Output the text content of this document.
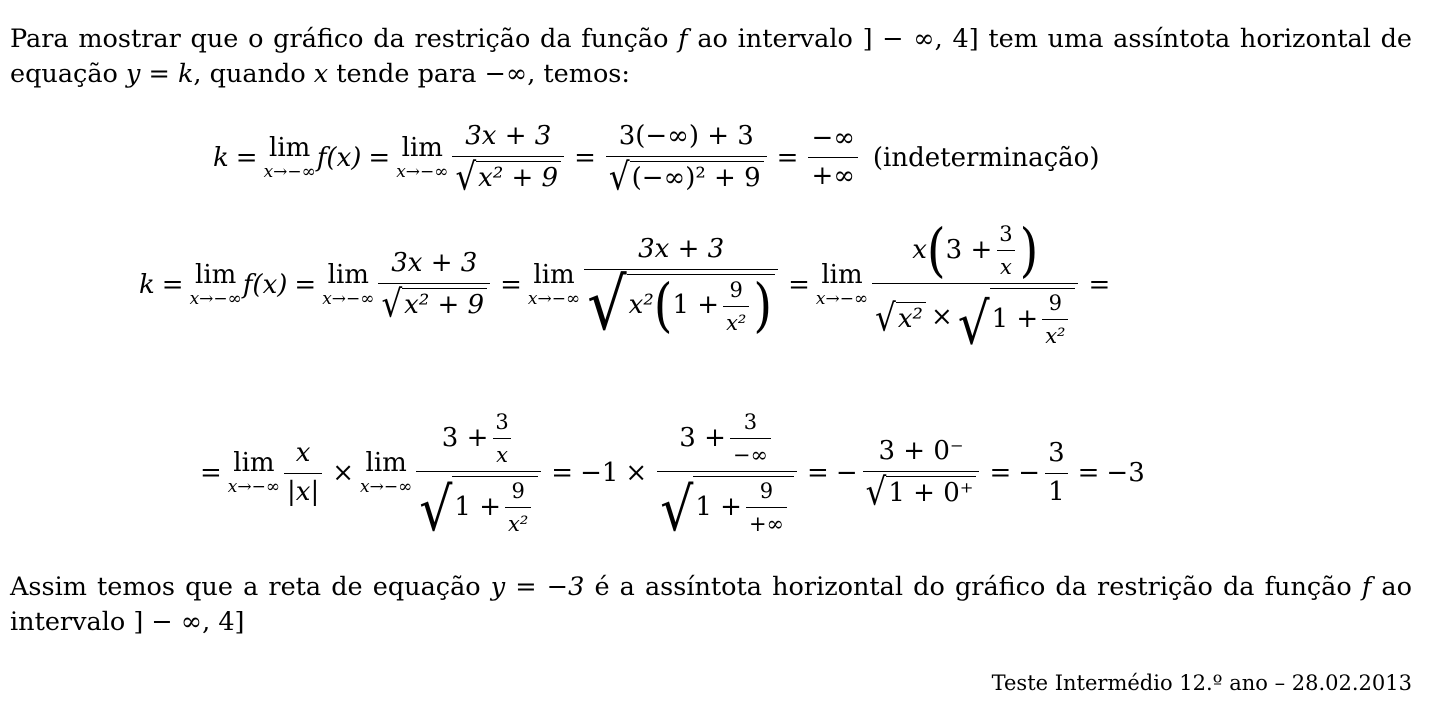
Para mostrar que o gráfico da restrição da função f ao intervalo ] − ∞, 4] tem uma assíntota horizontal de equação y = k, quando x tende para −∞, temos:
k = lim
x→−∞ f(x) = lim
$x\to-\infty \frac{3x + 3}{\text{√ x² + 9}} = \frac{3(-\infty) + 3}{\text{√ (−∞)² + 9}} = \frac{-\infty}{+\infty}$ (indeterminação)
k = lim
x→−∞ f(x) = lim
$x\to-\infty \frac{3x + 3}{\text{√ x² + 9}} = \lim$
$x\to-\infty \frac{3x + 3}{√ x^2 ( 1 + \frac{9}{\text{x²}} )} = \lim$
$x\to-\infty \frac{x ( 3 + \frac{3}{x} )}{√ x^2 \times √ 1 + \frac{9}{\text{x²}}}$ =
= lim
$x\to-\infty \frac{x}{|x|} \times \lim$
$x\to-\infty \frac{3 + \frac{3}{x}}{√ 1 + \frac{9}{\text{x²}}} = -1 \times \frac{3 + \frac{3}{-\infty}}{√ 1 + \frac{9}{+\infty}}$ = − $\frac{3 + 0^-}{√ 1 + 0^+}$ = − $\frac{3}{1} = -3$
Assim temos que a reta de equação y = −3 é a assíntota horizontal do gráfico da restrição da função f ao intervalo ] − ∞, 4]
Teste Intermédio 12.º ano – 28.02.2013
